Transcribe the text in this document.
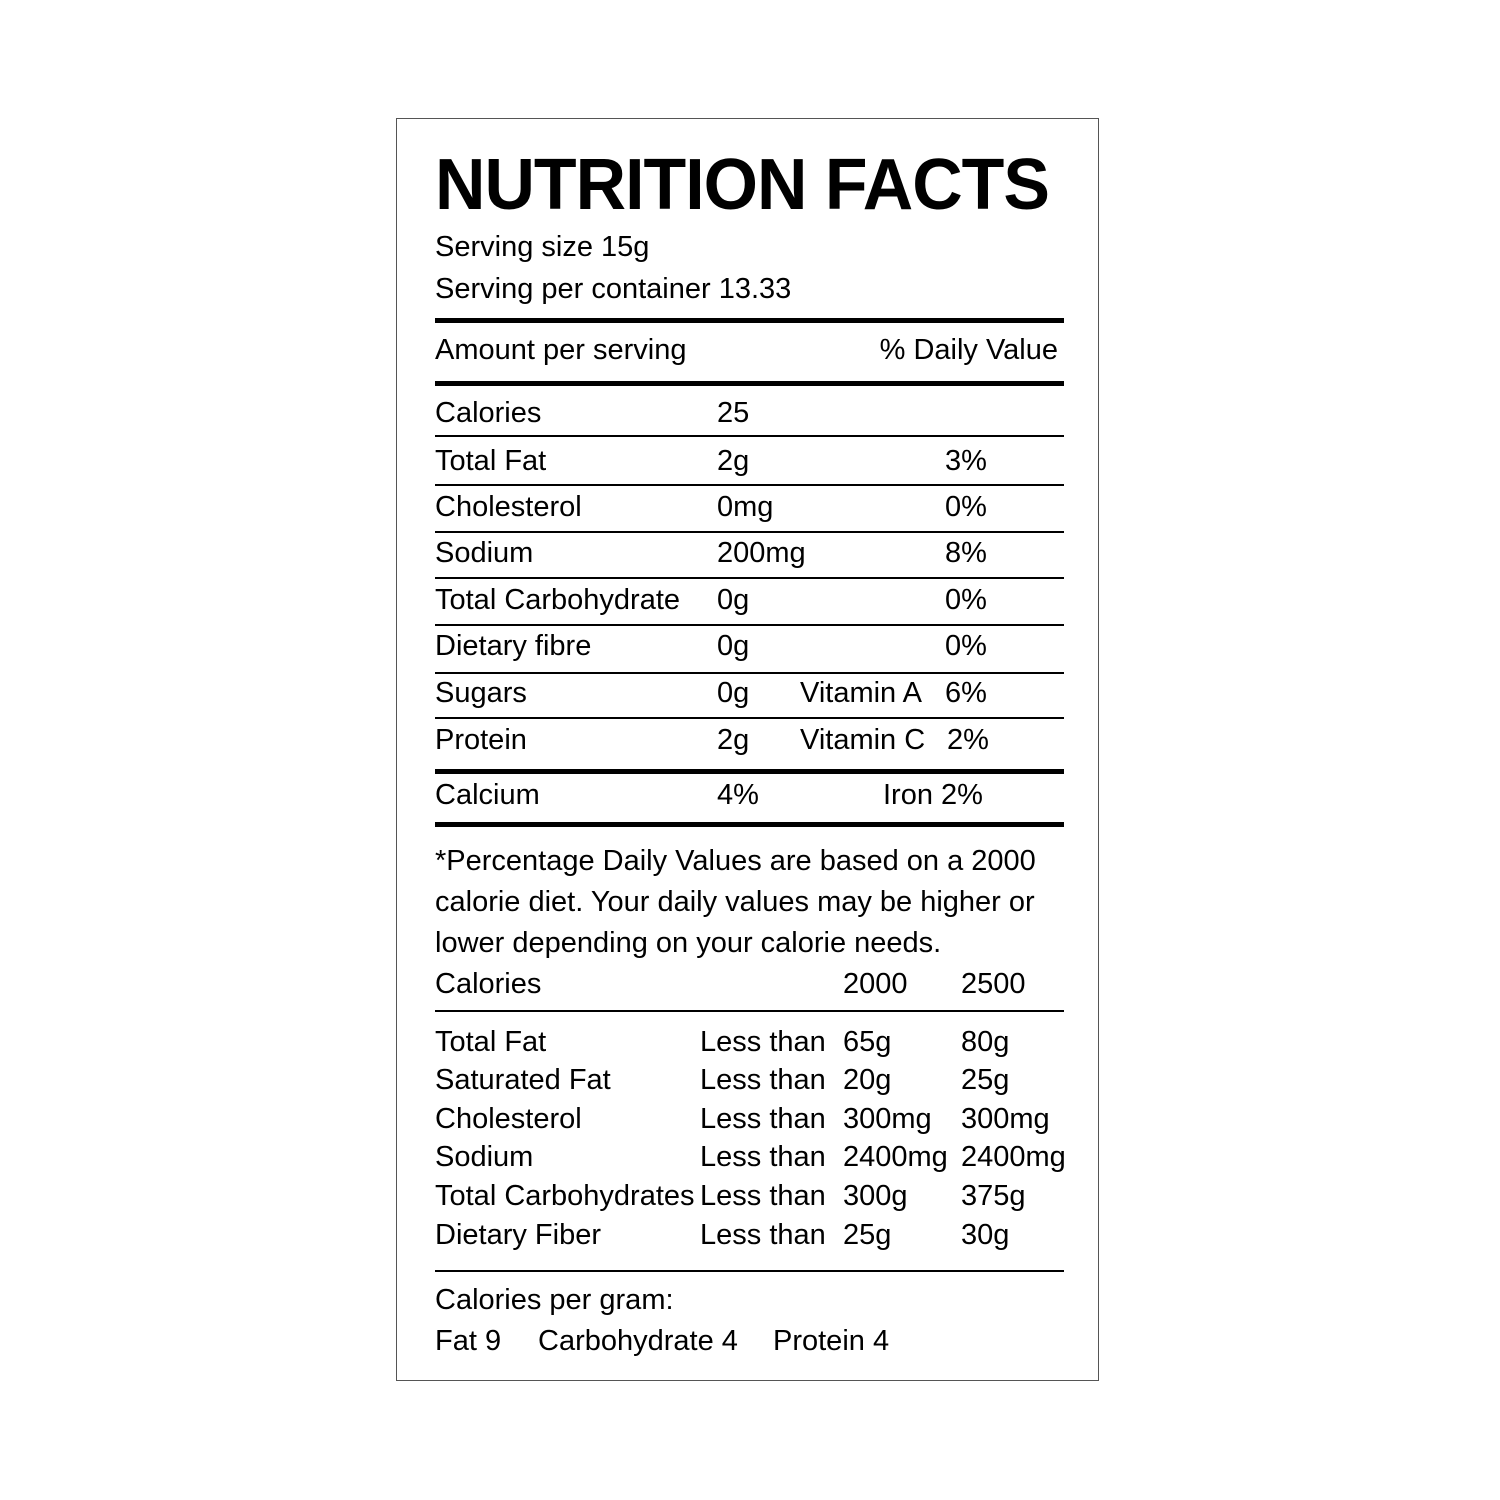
NUTRITION FACTS
Serving size 15g
Serving per container 13.33
Amount per serving	% Daily Value
Calories	25
Total Fat	2g	3%
Cholesterol	0mg	0%
Sodium	200mg	8%
Total Carbohydrate 0g	0%
Dietary fibre	0g	0%
Sugars	0g Vitamin A 6%
Protein	2g Vitamin C 2%
Calcium	4%	Iron 2%
*Percentage Daily Values are based on a 2000
calorie diet. Your daily values may be higher or
lower depending on your calorie needs.
Calories	2000 2500
Total Fat	Less than 65g 80g
Saturated Fat	Less than 20g 25g
Cholesterol	Less than 300mg 300mg
Sodium	Less than 2400mg 2400mg
Total Carbohydrates Less than 300g 375g
Dietary Fiber	Less than 25g 30g
Calories per gram:
Fat 9 Carbohydrate 4 Protein 4
